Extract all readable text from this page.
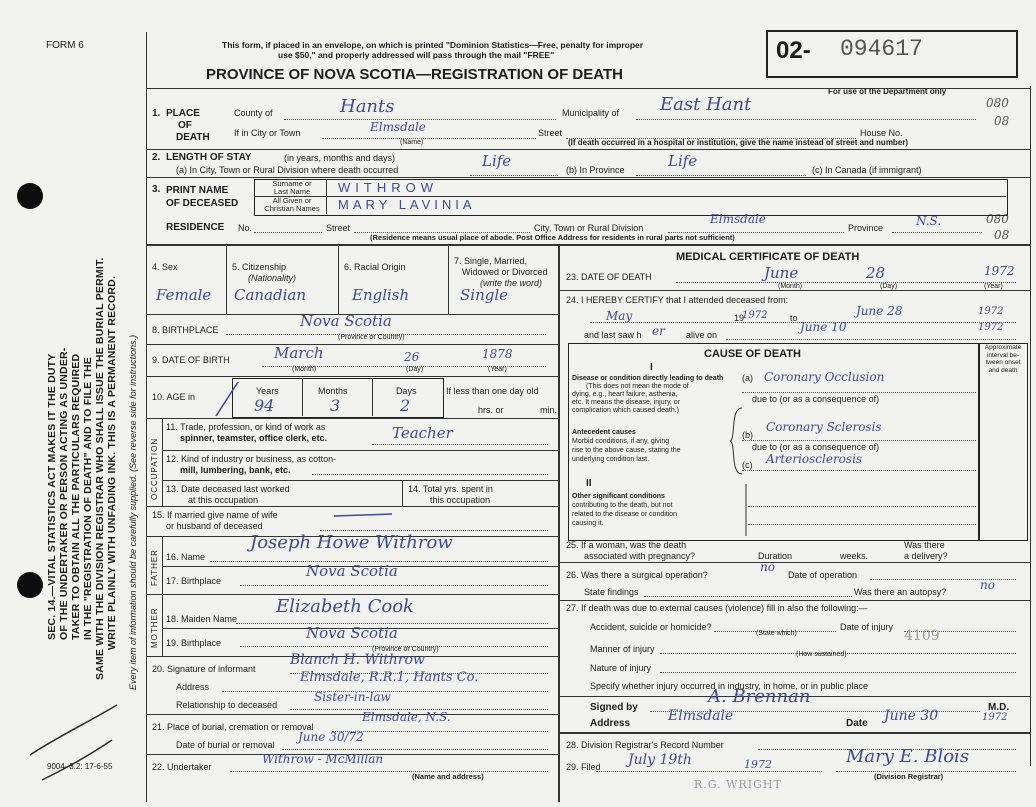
FORM 6
SEC. 14.—VITAL STATISTICS ACT MAKES IT THE DUTY OF THE UNDERTAKER OR PERSON ACTING AS UNDER- TAKER TO OBTAIN ALL THE PARTICULARS REQUIRED IN THE "REGISTRATION OF DEATH" AND TO FILE THE SAME WITH THE DIVISION REGISTRAR WHO SHALL ISSUE THE BURIAL PERMIT. WRITE PLAINLY WITH UNFADING INK. THIS IS A PERMANENT RECORD. Every item of information should be carefully supplied. (See reverse side for instructions.)
9004–3.2: 17-6-55
This form, if placed in an envelope, on which is printed "Dominion Statistics—Free, penalty for improper
use $50," and properly addressed will pass through the mail "FREE"
PROVINCE OF NOVA SCOTIA—REGISTRATION OF DEATH
02- 094617
For use of the Department only
080
08
080
08
1. PLACE
OF
DEATH
County of	Hants	Municipality of East Hant
If in City or Town	Elmsdale	Street	House No.
(Name)	(If death occurred in a hospital or institution, give the name instead of street and number)
2. LENGTH OF STAY	(in years, months and days)
(a) In City, Town or Rural Division where death occurred	Life	(b) In Province	Life	(c) In Canada (if immigrant)
3. PRINT NAME
OF DECEASED
Surname or
Last Name
All Given or
Christian Names
WITHROW
MARY LAVINIA
RESIDENCE No.	Street	City, Town or Rural Division
Elmsdale
Province	N.S.
(Residence means usual place of abode. Post Office Address for residents in rural parts not sufficient)
4. Sex
Female
5. Citizenship
(Nationality)
Canadian
6. Racial Origin
English
7. Single, Married,
Widowed or Divorced
(write the word)
Single
8. BIRTHPLACE	Nova Scotia
(Province or Country)
9. DATE OF BIRTH	March	26	1878
(Month)	(Day)	(Year)
10. AGE in
Years	Months	Days
94	3	2
If less than one day old
hrs. or	min.
OCCUPATION
11. Trade, profession, or kind of work as
spinner, teamster, office clerk, etc.	Teacher
12. Kind of industry or business, as cotton-
mill, lumbering, bank, etc.
13. Date deceased last worked
at this occupation
14. Total yrs. spent in
this occupation
15. If married give name of wife
or husband of deceased
FATHER 16. Name
Joseph Howe Withrow
17. Birthplace
Nova Scotia
MOTHER 18. Maiden Name
Elizabeth Cook
19. Birthplace
Nova Scotia
(Province or Country)
20. Signature of informant
Blanch H. Withrow
Address
Elmsdale, R.R.1, Hants Co.
Relationship to deceased
Sister-in-law
21. Place of burial, cremation or removal
Elmsdale, N.S.
Date of burial or removal
June 30/72
22. Undertaker
Withrow - McMillan
(Name and address)
MEDICAL CERTIFICATE OF DEATH
23. DATE OF DEATH	June	28	1972
(Month)	(Day)	(Year)
24. I HEREBY CERTIFY that I attended deceased from:
May	19
1972	to	June 28	1972
and last saw h er alive on
June 10	1972
CAUSE OF DEATH
Approximate
interval be-
tween onset
and death
I
Disease or condition directly leading to death
(This does not mean the mode of
dying, e.g., heart failure, asthenia,
etc. It means the disease, injury, or
complication which caused death.)
(a) Coronary Occlusion
due to (or as a consequence of)
Antecedent causes
Morbid conditions, if any, giving
rise to the above cause, stating the
underlying condition last.
(b)
Coronary Sclerosis
due to (or as a consequence of)
(c) Arteriosclerosis
II
Other significant conditions
contributing to the death, but not
related to the disease or condition
causing it.
25. If a woman, was the death
associated with pregnancy?	Duration	weeks.
Was there
a delivery?
26. Was there a surgical operation?
no
Date of operation
State findings	Was there an autopsy?	no
27. If death was due to external causes (violence) fill in also the following:—
Accident, suicide or homicide?	Date of injury
(State which)
Manner of injury
4109
(How sustained)
Nature of injury
Specify whether injury occurred in industry, in home, or in public place
Signed by
A. Brennan
M.D.
Address	Elmsdale	Date June 30	1972
28. Division Registrar's Record Number
29. Filed July 19th	1972	Mary E. Blois
(Division Registrar)
R.G. WRIGHT
